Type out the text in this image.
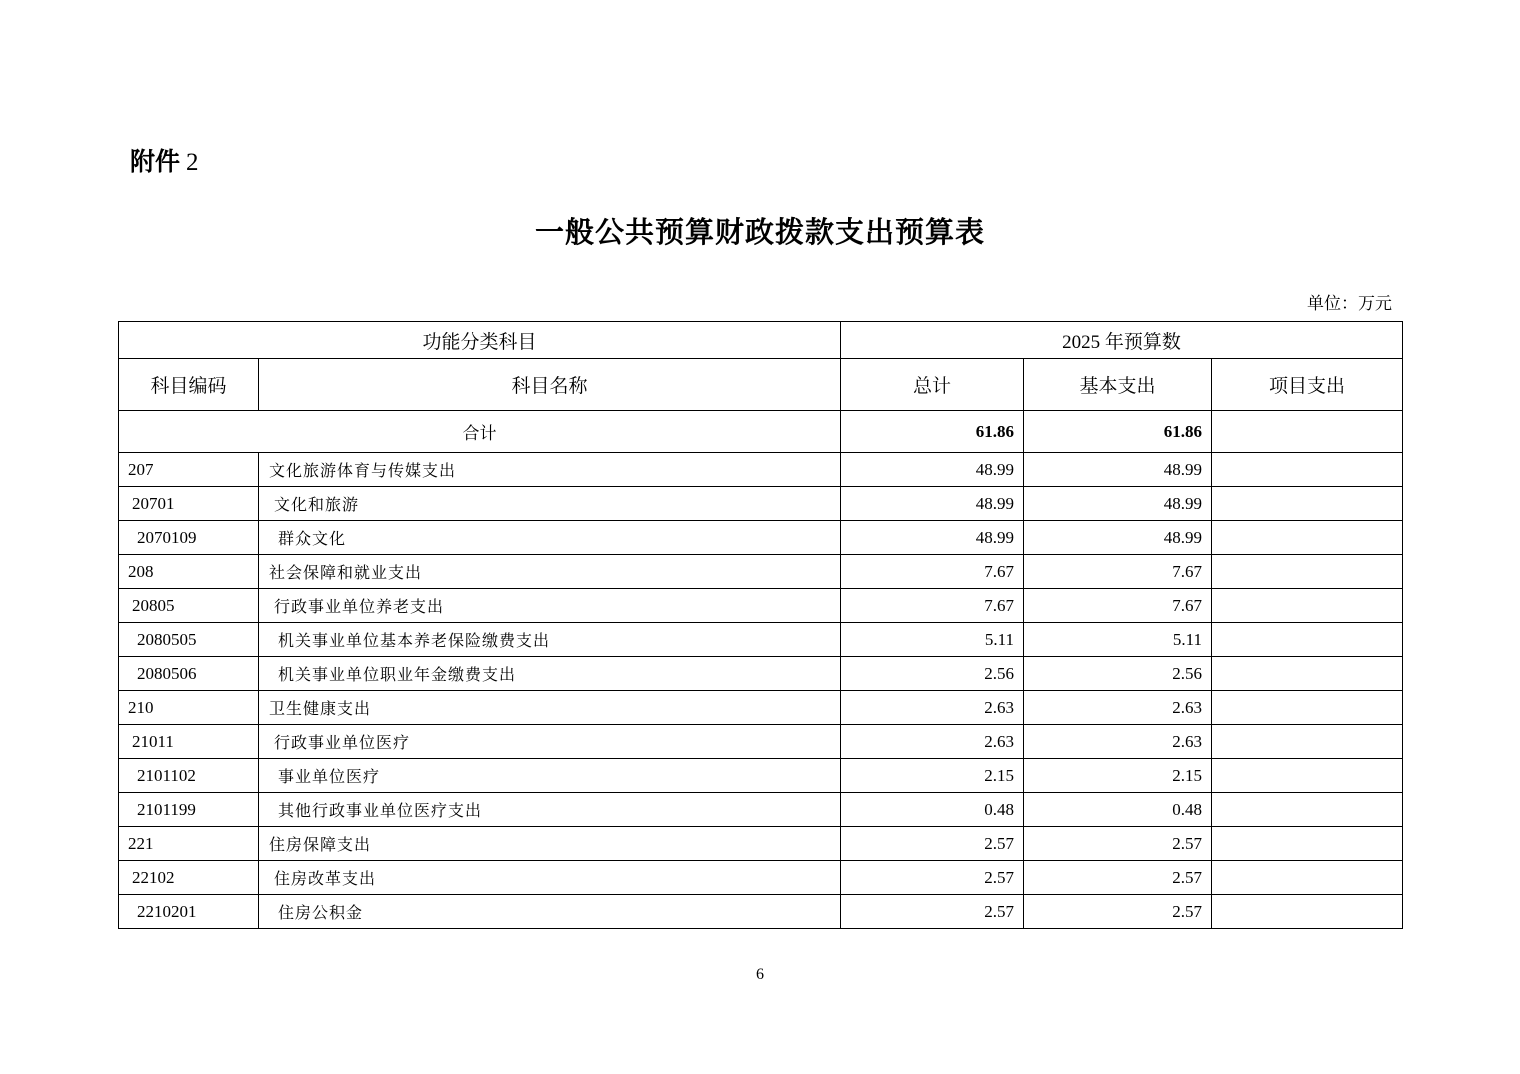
附件 2
一般公共预算财政拨款支出预算表
单位：万元
功能分类科目		2025 年预算数		
科目编码	科目名称	总计	基本支出	项目支出
合计		61.86	61.86	
207	文化旅游体育与传媒支出	48.99	48.99	
20701	文化和旅游	48.99	48.99	
2070109	群众文化	48.99	48.99	
208	社会保障和就业支出	7.67	7.67	
20805	行政事业单位养老支出	7.67	7.67	
2080505	机关事业单位基本养老保险缴费支出	5.11	5.11	
2080506	机关事业单位职业年金缴费支出	2.56	2.56	
210	卫生健康支出	2.63	2.63	
21011	行政事业单位医疗	2.63	2.63	
2101102	事业单位医疗	2.15	2.15	
2101199	其他行政事业单位医疗支出	0.48	0.48	
221	住房保障支出	2.57	2.57	
22102	住房改革支出	2.57	2.57	
2210201	住房公积金	2.57	2.57	
6
